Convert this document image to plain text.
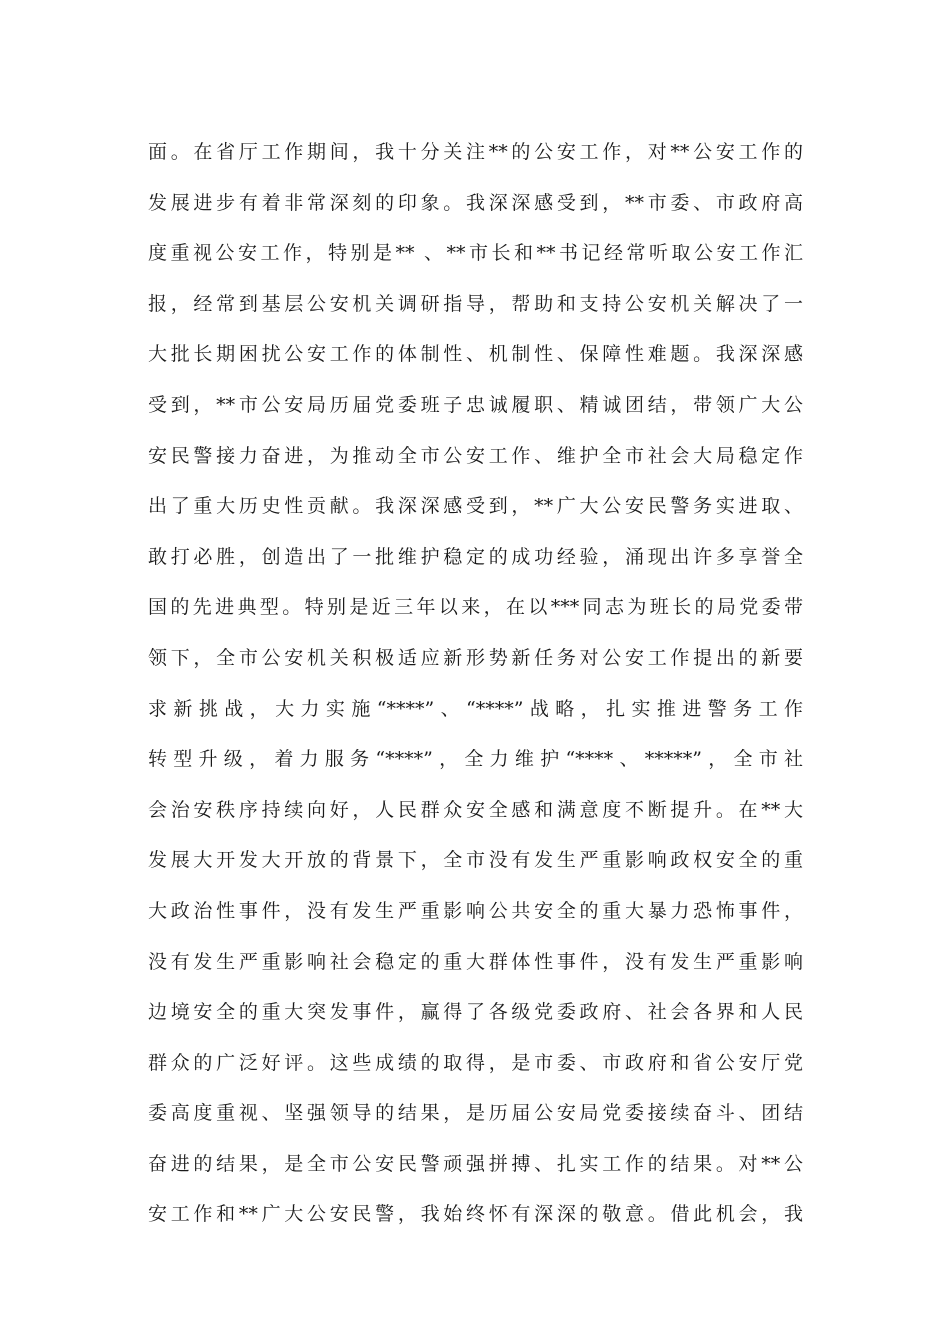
面。在省厅工作期间，我十分关注**的公安工作，对**公安工作的
发展进步有着非常深刻的印象。我深深感受到，**市委、市政府高
度重视公安工作，特别是** 、**市长和**书记经常听取公安工作汇
报，经常到基层公安机关调研指导，帮助和支持公安机关解决了一
大批长期困扰公安工作的体制性、机制性、保障性难题。我深深感
受到，**市公安局历届党委班子忠诚履职、精诚团结，带领广大公
安民警接力奋进，为推动全市公安工作、维护全市社会大局稳定作
出了重大历史性贡献。我深深感受到，**广大公安民警务实进取、
敢打必胜，创造出了一批维护稳定的成功经验，涌现出许多享誉全
国的先进典型。特别是近三年以来，在以***同志为班长的局党委带
领下，全市公安机关积极适应新形势新任务对公安工作提出的新要
求新挑战，大力实施“****”、“****”战略，扎实推进警务工作
转型升级，着力服务“****”，全力维护“****、*****”，全市社
会治安秩序持续向好，人民群众安全感和满意度不断提升。在**大
发展大开发大开放的背景下，全市没有发生严重影响政权安全的重
大政治性事件，没有发生严重影响公共安全的重大暴力恐怖事件，
没有发生严重影响社会稳定的重大群体性事件，没有发生严重影响
边境安全的重大突发事件，赢得了各级党委政府、社会各界和人民
群众的广泛好评。这些成绩的取得，是市委、市政府和省公安厅党
委高度重视、坚强领导的结果，是历届公安局党委接续奋斗、团结
奋进的结果，是全市公安民警顽强拼搏、扎实工作的结果。对**公
安工作和**广大公安民警，我始终怀有深深的敬意。借此机会，我
